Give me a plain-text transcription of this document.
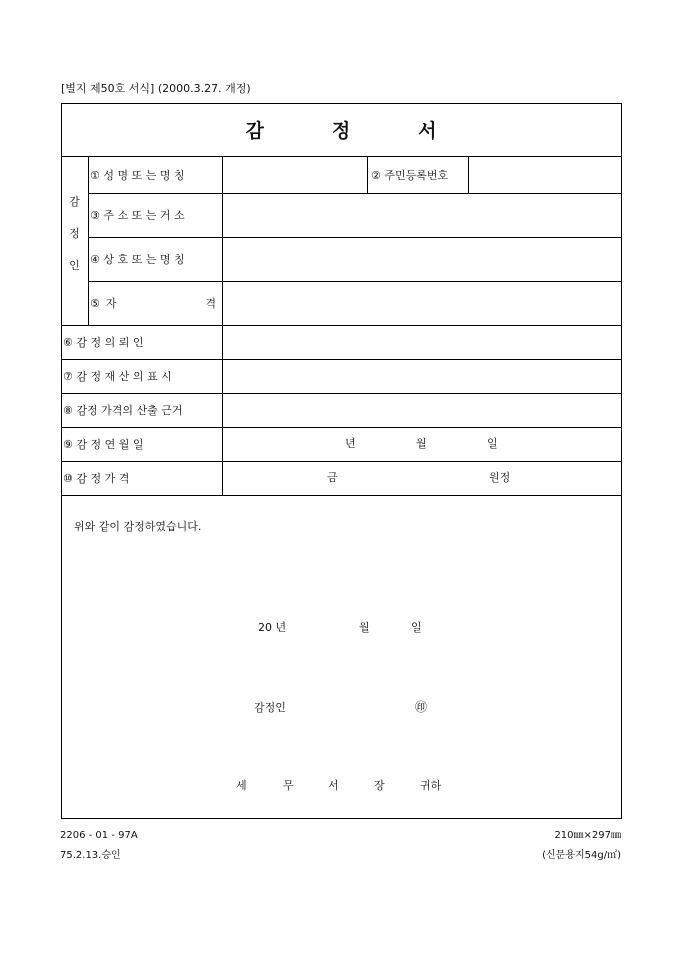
[별지 제50호 서식] (2000.3.27. 개정)
감	정	서
감
정
인
① 성 명 또 는 명 칭	② 주민등록번호
③ 주 소 또 는 거 소
④ 상 호 또 는 명 칭
⑤ 자	격
⑥ 감 정 의 뢰 인
⑦ 감 정 재 산 의 표 시
⑧ 감정 가격의 산출 근거
⑨ 감 정 연 월 일	년	월	일
⑩ 감 정 가 격	금	원정
위와 같이 감정하였습니다.
20 년	월	일
감정인	㊞
세	무	서	장	귀하
2206 - 01 - 97A
75.2.13.승인
210㎜×297㎜
(신문용지54g/㎡)
